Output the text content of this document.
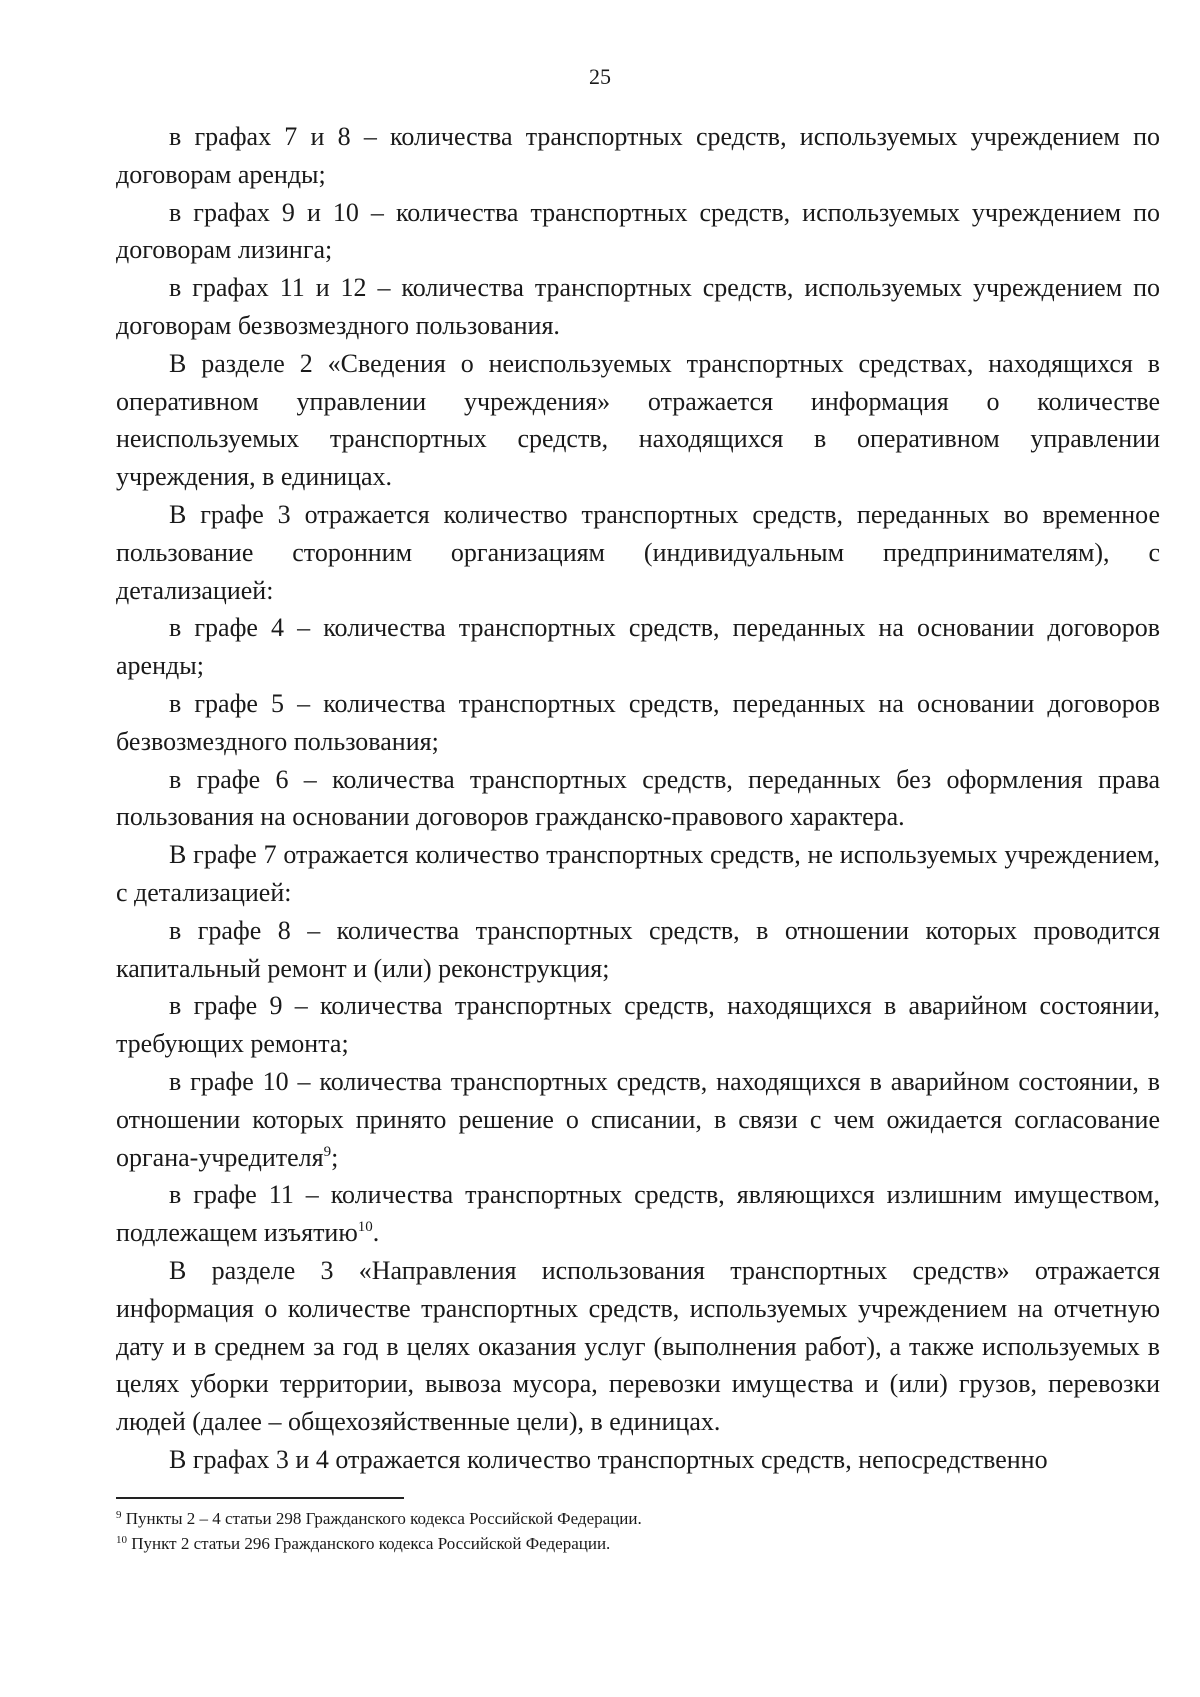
25

в графах 7 и 8 – количества транспортных средств, используемых учреждением по договорам аренды;

в графах 9 и 10 – количества транспортных средств, используемых учреждением по договорам лизинга;

в графах 11 и 12 – количества транспортных средств, используемых учреждением по договорам безвозмездного пользования.

В разделе 2 «Сведения о неиспользуемых транспортных средствах, находящихся в оперативном управлении учреждения» отражается информация о количестве неиспользуемых транспортных средств, находящихся в оперативном управлении учреждения, в единицах.

В графе 3 отражается количество транспортных средств, переданных во временное пользование сторонним организациям (индивидуальным предпринимателям), с детализацией:

в графе 4 – количества транспортных средств, переданных на основании договоров аренды;

в графе 5 – количества транспортных средств, переданных на основании договоров безвозмездного пользования;

в графе 6 – количества транспортных средств, переданных без оформления права пользования на основании договоров гражданско-правового характера.

В графе 7 отражается количество транспортных средств, не используемых учреждением, с детализацией:

в графе 8 – количества транспортных средств, в отношении которых проводится капитальный ремонт и (или) реконструкция;

в графе 9 – количества транспортных средств, находящихся в аварийном состоянии, требующих ремонта;

в графе 10 – количества транспортных средств, находящихся в аварийном состоянии, в отношении которых принято решение о списании, в связи с чем ожидается согласование органа-учредителя$^9$;

в графе 11 – количества транспортных средств, являющихся излишним имуществом, подлежащем изъятию$^{10}$.

В разделе 3 «Направления использования транспортных средств» отражается информация о количестве транспортных средств, используемых учреждением на отчетную дату и в среднем за год в целях оказания услуг (выполнения работ), а также используемых в целях уборки территории, вывоза мусора, перевозки имущества и (или) грузов, перевозки людей (далее – общехозяйственные цели), в единицах.

В графах 3 и 4 отражается количество транспортных средств, непосредственно

$^9$ Пункты 2 – 4 статьи 298 Гражданского кодекса Российской Федерации.

$^{10}$ Пункт 2 статьи 296 Гражданского кодекса Российской Федерации.
